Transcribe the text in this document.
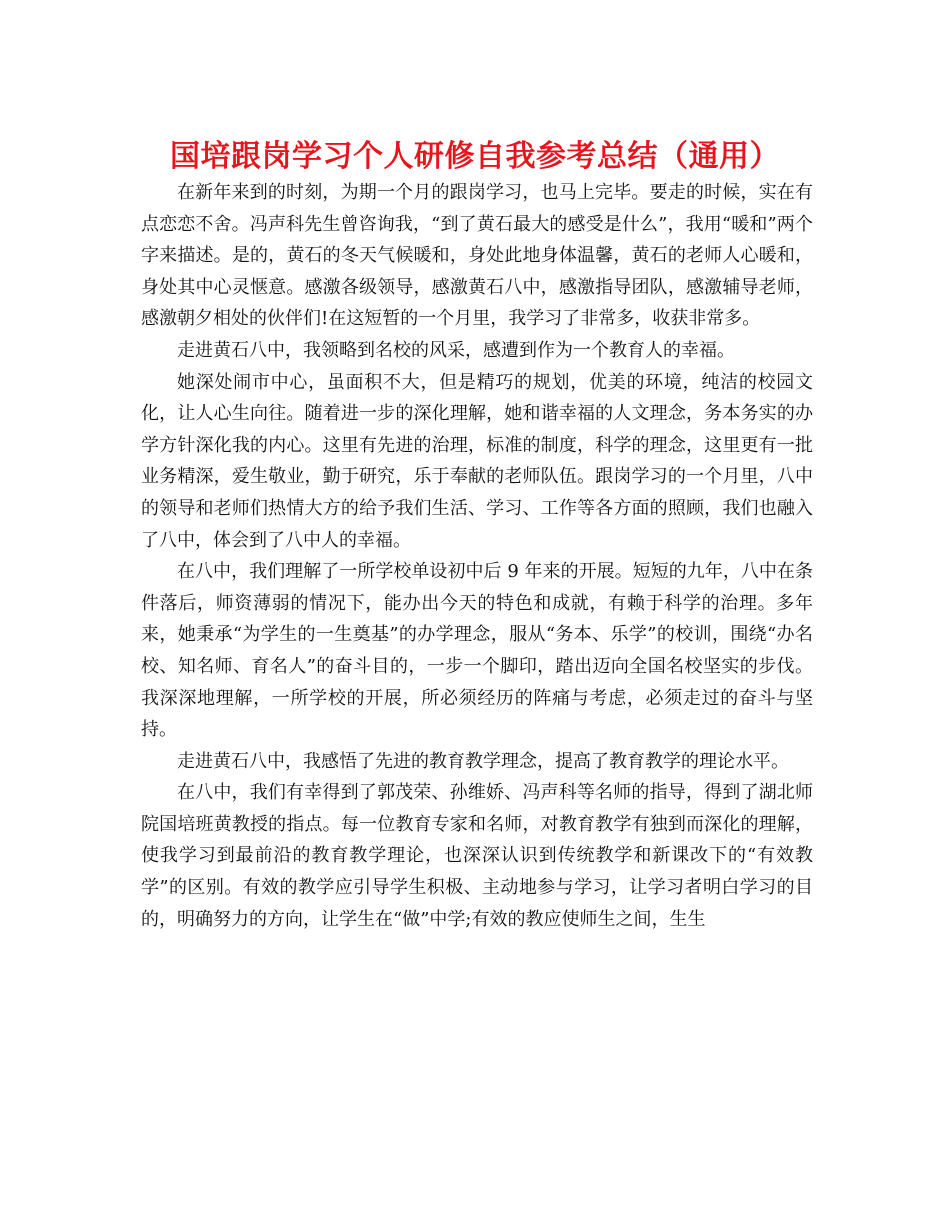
国培跟岗学习个人研修自我参考总结（通用）

在新年来到的时刻，为期一个月的跟岗学习，也马上完毕。要走的时候，实在有点恋恋不舍。冯声科先生曾咨询我，“到了黄石最大的感受是什么”，我用“暖和”两个字来描述。是的，黄石的冬天气候暖和，身处此地身体温馨，黄石的老师人心暖和，身处其中心灵惬意。感激各级领导，感激黄石八中，感激指导团队，感激辅导老师，感激朝夕相处的伙伴们!在这短暂的一个月里，我学习了非常多，收获非常多。

走进黄石八中，我领略到名校的风采，感遭到作为一个教育人的幸福。

她深处闹市中心，虽面积不大，但是精巧的规划，优美的环境，纯洁的校园文化，让人心生向往。随着进一步的深化理解，她和谐幸福的人文理念，务本务实的办学方针深化我的内心。这里有先进的治理，标准的制度，科学的理念，这里更有一批业务精深，爱生敬业，勤于研究，乐于奉献的老师队伍。跟岗学习的一个月里，八中的领导和老师们热情大方的给予我们生活、学习、工作等各方面的照顾，我们也融入了八中，体会到了八中人的幸福。

在八中，我们理解了一所学校单设初中后 9 年来的开展。短短的九年，八中在条件落后，师资薄弱的情况下，能办出今天的特色和成就，有赖于科学的治理。多年来，她秉承“为学生的一生奠基”的办学理念，服从“务本、乐学”的校训，围绕“办名校、知名师、育名人”的奋斗目的，一步一个脚印，踏出迈向全国名校坚实的步伐。我深深地理解，一所学校的开展，所必须经历的阵痛与考虑，必须走过的奋斗与坚持。

走进黄石八中，我感悟了先进的教育教学理念，提高了教育教学的理论水平。

在八中，我们有幸得到了郭茂荣、孙维娇、冯声科等名师的指导，得到了湖北师院国培班黄教授的指点。每一位教育专家和名师，对教育教学有独到而深化的理解，使我学习到最前沿的教育教学理论，也深深认识到传统教学和新课改下的“有效教学”的区别。有效的教学应引导学生积极、主动地参与学习，让学习者明白学习的目的，明确努力的方向，让学生在“做”中学;有效的教应使师生之间，生生
